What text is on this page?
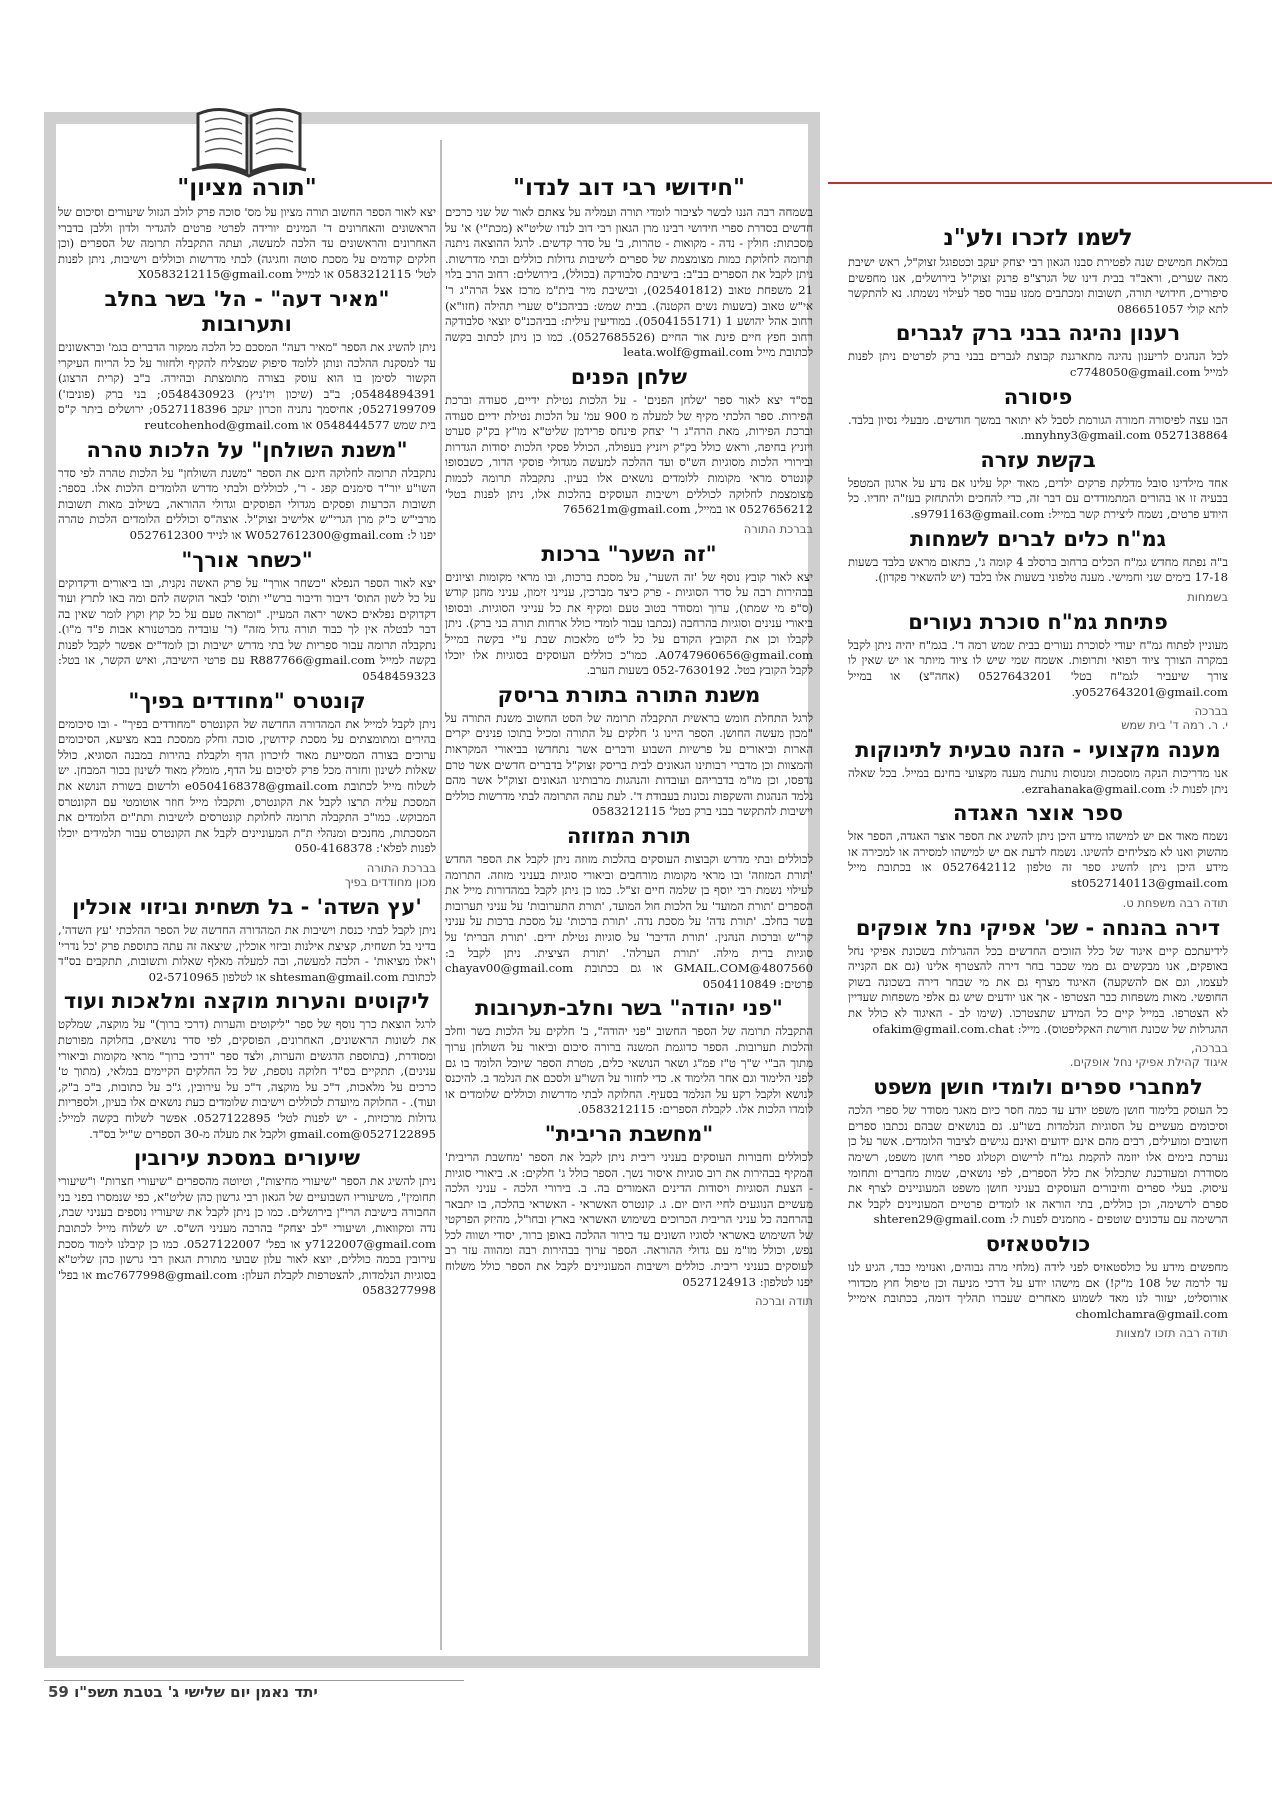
לשמו לזכרו ולע"נ

במלאת חמישים שנה לפטירת סבנו הגאון רבי יצחק יעקב וכטפוגל זצוק"ל, ראש ישיבת מאה שערים, וראב"ד בבית דינו של הגרצ"פ פרנק זצוק"ל בירושלים, אנו מחפשים סיפורים, חידושי תורה, תשובות ומכתבים ממנו עבור ספר לעילוי נשמתו. נא להתקשר לתא קולי 086651057

רענון נהיגה בבני ברק לגברים

לכל הנהגים לריענון נהיגה מתארגנת קבוצת לגברים בבני ברק לפרטים ניתן לפנות למייל c7748050@gmail.com

פיסורה

הבו עצה לפיסורה חמורה הגורמת לסבל לא יתואר במשך חודשים. מבעלי נסיון בלבד. 0527138864 mnyhny3@gmail.com.

בקשת עזרה

אחד מילדינו סובל מדלקת פרקים ילדים, מאוד יקל עלינו אם נדע על ארגון המטפל בבעיה זו או בהורים המתמודדים עם דבר זה, כדי להחכים ולהתחזק בעז"ה יחדיו. כל היודע פרטים, נשמח ליצירת קשר במייל: s9791163@gmail.com.

גמ"ח כלים לברים לשמחות

ב"ה נפתח מחדש גמ"ח הכלים ברחוב ברסלב 4 קומה ג', בתאום מראש בלבד בשעות 17-18 בימים שני וחמישי. מענה טלפוני בשעות אלו בלבד (יש להשאיר פקדון).

בשמחות
פתיחת גמ"ח סוכרת נעורים

מעוניין לפתוח גמ"ח יעודי לסוכרת נעורים בבית שמש רמה ד'. בגמ"ח יהיה ניתן לקבל במקרה הצורך ציוד רפואי ותרופות. אשמח שמי שיש לו ציוד מיותר או יש שאין לו צורך שיעביר לגמ"ח בטל' 0527643201 (אחה"צ) או במייל y0527643201@gmail.com.

בברכה
י. ר. רמה ד' בית שמש
מענה מקצועי - הזנה טבעית לתינוקות

אנו מדריכות הנקה מוסמכות ומנוסות נותנות מענה מקצועי בחינם במייל. בכל שאלה ניתן לפנות ל: ezrahanaka@gmail.com.

ספר אוצר האגדה

נשמח מאוד אם יש למישהו מידע היכן ניתן להשיג את הספר אוצר האגדה, הספר אזל מהשוק ואנו לא מצליחים להשיגו. נשמח לדעת אם יש למישהו למסירה או למכירה או מידע היכן ניתן להשיג ספר זה טלפון 0527642112 או בכתובת מייל st0527140113@gmail.com

תודה רבה משפחת ט.
דירה בהנחה - שכ' אפיקי נחל אופקים

לידיעתכם קיים איגוד של כלל הזוכים החדשים בכל ההגרלות בשכונת אפיקי נחל באופקים, אנו מבקשים גם ממי שכבר בחר דירה להצטרף אלינו (גם אם הקנייה לעצמו, וגם אם להשקעה) האיגוד מצרף גם את מי שבחר דירה בשכונה בשוק החופשי. מאות משפחות כבר הצטרפו - אך אנו יודעים שיש גם אלפי משפחות שעדיין לא הצטרפו. במייל קיים כל המידע שתצטרכו. (שימו לב - האיגוד לא כולל את ההגרלות של שכונת חורשת האקליפטוס). מייל: ofakim@gmail.com.chat

בברכה,
איגוד קהילת אפיקי נחל אופקים.
למחברי ספרים ולומדי חושן משפט

כל העוסק בלימוד חושן משפט יודע עד כמה חסר כיום מאגר מסודר של ספרי הלכה וסיכומים מעשיים על הסוגיות הנלמדות בשו"ע. גם בנושאים שבהם נכתבו ספרים חשובים ומועילים, רבים מהם אינם ידועים ואינם נגישים לציבור הלומדים. אשר על כן נערכת בימים אלו יוזמה להקמת גמ"ח לרישום וקטלוג ספרי חושן משפט, רשימה מסודרת ומעודכנת שתכלול את כלל הספרים, לפי נושאים, שמות מחברים ותחומי עיסוק. בעלי ספרים וחיבורים העוסקים בעניני חושן משפט המעוניינים לצרף את ספרם לרשימה, וכן כוללים, בתי הוראה או לומדים פרטיים המעוניינים לקבל את הרשימה עם עדכונים שוטפים - מוזמנים לפנות ל: shteren29@gmail.com

כולסטאזיס

מחפשים מידע על כולסטאזיס לפני לידה (מלחי מרה גבוהים, ואנזימי כבד, הגיע לנו עד לרמה של 108 מ"ק!) אם מישהו יודע על דרכי מניעה וכן טיפול חוץ מכדורי אורוסליט, יעזור לנו מאד לשמוע מאחרים שעברו תהליך דומה, בכתובת אימייל chomlchamra@gmail.com

תודה רבה תזכו למצוות
"חידושי רבי דוב לנדו"

בשמחה רבה הננו לבשר לציבור לומדי תורה ועמליה על צאתם לאור של שני כרכים חדשים בסדרת ספרי חידושי רבינו מרן הגאון רבי דוב לנדו שליט"א (מכת"י) א' על מסכתות: חולין - נדה - מקואות - טהרות, ב' על סדר קדשים. לרגל ההוצאה ניתנה תרומה לחלוקת כמות מצומצמת של ספרים לישיבות גדולות כוללים ובתי מדרשות. ניתן לקבל את הספרים בב"ב: בישיבת סלבודקה (בכולל), בירושלים: רחוב הרב בלוי 21 משפחת טאוב (025401812), ובישיבת מיר בית"מ מרכז אצל הרה"ג ר' אי"ש טאוב (בשעות נשים הקטנה). בבית שמש: בביהכנ"ס שערי תהילה (חזו"א) רחוב אהל יהושע 1 (0504155171). במודיעין עילית: בביהכנ"ס יוצאי סלבודקה רחוב חפץ חיים פינת אור החיים (0527685526). כמו כן ניתן לכתוב בקשה לכתובת מייל leata.wolf@gmail.com

שלחן הפנים

בס"ד יצא לאור ספר 'שלחן הפנים' - על הלכות נטילת ידיים, סעודה וברכת הפירות. ספר הלכתי מקיף של למעלה מ 900 עמ' על הלכות נטילת ידיים סעודה וברכת הפירות, מאת הרה"ג ר' יצחק פינחס פרידמן שליט"א מו"ץ בק"ק סערט ויזניץ בחיפה, וראש כולל בק"ק ויזניץ בעפולה, הכולל פסקי הלכות יסודות הגדרות ובירורי הלכות מסוגיות הש"ס ועד ההלכה למעשה מגדולי פוסקי הדור, כשבסופו קונטרס מראי מקומות ללומדים נושאים אלו בעיון. נתקבלה תרומה לכמות מצומצמת לחלוקה לכוללים וישיבות העוסקים בהלכות אלו, ניתן לפנות בטל' 0527656212 או במייל, 765621m@gmail.com

בברכת התורה
"זה השער" ברכות

יצא לאור קובץ נוסף של 'זה השער', על מסכת ברכות, ובו מראי מקומות וציונים בבהירות רבה על סדר הסוגיות - פרק כיצד מברכין, ענייני זימון, עניני מחנן קודש (ס"פ מי שמתו), ערוך ומסודר בטוב טעם ומקיף את כל ענייני הסוגיות. ובסופו ביאורי ענינים וסוגיות בהרחבה (נכתבו עבור לומדי כולל ארחות תורה בני ברק). ניתן לקבלו וכן את הקובץ הקודם על כל ל"ט מלאכות שבת ע"י בקשה במייל A0747960656@gmail.com. כמו"כ כוללים העוסקים בסוגיות אלו יוכלו לקבל הקובץ בטל. 052-7630192 בשעות הערב.

משנת התורה בתורת בריסק

לרגל התחלת חומש בראשית התקבלה תרומה של הסט החשוב משנת התורה על "מכון מעשה החושן. הספר היינו ג' חלקים על התורה ומכיל בתוכו פנינים יקרים הארות וביאורים על פרשיות השבוע ודברים אשר נתחדשו בביאורי המקראות והמצוות וכן מדברי רבותינו הגאונים לבית בריסק זצוק"ל בדברים חדשים אשר טרם נדפסו, וכן מו"מ בדבריהם ועובדות והנהגות מרבותינו הגאונים זצוק"ל אשר מהם נלמד הנהגות והשקפות נכונות בעבודת ד'. לעת עתה התרומה לבתי מדרשות כוללים וישיבות להתקשר בבני ברק בטל' 0583212115

תורת המזוזה

לכוללים ובתי מדרש וקבוצות העוסקים בהלכות מזוזה ניתן לקבל את הספר החדש 'תורת המזוזה' ובו מראי מקומות מורחבים וביאורי סוגיות בעניני מזוזה. התרומה לעילוי נשמת רבי יוסף בן שלמה חיים זצ"ל. כמו כן ניתן לקבל במהדורות מייל את הספרים 'תורת המועד' על הלכות חול המועד, 'תורת התערובות' על עניני תערובות בשר בחלב. 'תורת נדה' על מסכת נדה. 'תורת ברכות' על מסכת ברכות על עניני קר"ש וברכות הנהנין. 'תורת הדיבר' על סוגיות נטילת ידים. 'תורת הברית' על סוגיות ברית מילה. 'תורת הערלה'. 'תורת הציצית. ניתן לקבל ב: 4807560@GMAIL.COM או גם בכתובת chayav00@gmail.com פרטים: 0504110849

"פני יהודה" בשר וחלב-תערובות

התקבלה תרומה של הספר החשוב "פני יהודה", ב' חלקים על הלכות בשר וחלב והלכות תערובות. הספר כדוגמת המשנה ברורה סיכום וביאור על השולחן ערוך מתוך הב"י ש"ך ט"ז פמ"ג ושאר הנושאי כלים, מטרת הספר שיוכל הלומד בו גם לפני הלימוד וגם אחר הלימוד א. כדי לחזור על השו"ע ולסכם את הנלמד ב. להיכנס לנושא ולקבל רקע על הנלמד בסעיף. החלוקה לבתי מדרשות וכוללים שלומדים או לומדו הלכות אלו. לקבלת הספרים: 0583212115.

"מחשבת הריבית"

לכוללים וחבורות העוסקים בעניני ריבית ניתן לקבל את הספר 'מחשבת הריבית' המקיף בבהירות את רוב סוגיות איסור נשך. הספר כולל ג' חלקים: א. ביאורי סוגיות - הצעת הסוגיות ויסודות הדינים האמורים בה. ב. בירורי הלכה - עניני הלכה מעשיים הנוגעים לחיי היום יום. ג. קונטרס האשראי - האשראי בהלכה, בו יתבאר בהרחבה כל עניני הריבית הכרוכים בשימוש האשראי בארץ ובחו"ל, מהיזק הפרקטי של השימוש באשראי לסוגיו השונים עד בירור ההלכה באופן ברור, יסודי ושווה לכל נפש, וכולל מו"מ עם גדולי ההוראה. הספר ערוך בבהירות רבה ומהווה עזר רב לעוסקים בעניני ריבית. כוללים וישיבות המעוניינים לקבל את הספר כולל משלוח יפנו לטלפון: 0527124913

תודה וברכה
"תורה מציון"

יצא לאור הספר החשוב תורה מציון על מס' סוכה פרק לולב הגזול שיעורים וסיכום של הראשונים והאחרונים ד' המינים יורידה לפרטי פרטים להגדיר ולדון וללבן בדברי האחרונים והראשונים עד הלכה למעשה, ועתה התקבלה תרומה של הספרים (וכן חלקים קודמים על מסכת סוטה וחגיגה) לבתי מדרשות וכוללים וישיבות, ניתן לפנות לטל' 0583212115 או למייל X0583212115@gmail.com

"מאיר דעה" - הל' בשר בחלב ותערובות

ניתן להשיג את הספר "מאיר דעה" המסכם כל הלכה ממקור הדברים בגמ' ובראשונים עד למסקנת ההלכה ונותן ללומד סיפוק שמצליח להקיף ולחזור על כל הריוח העיקרי הקשור לסימן בו הוא עוסק בצורה מתומצתת ובהירה. ב"ב (קרית הרצוג) 05484894391; ב"ב (שיכון ויז'ניץ) 0548430923; בני ברק (פוניבז') 0527199709; אחיסמך נתניה וזכרון יעקב 0527118396; ירושלים ביתר ק"ס בית שמש 0548444577 או reutcohenhod@gmail.com

"משנת השולחן" על הלכות טהרה

נתקבלה תרומה לחלוקה חינם את הספר "משנת השולחן" על הלכות טהרה לפי סדר השו"ע יור"ד סימנים קפג - ר', לכוללים ולבתי מדרש הלומדים הלכות אלו. בספר: תשובות הכרעות ופסקים מגדולי הפוסקים וגדולי ההוראה, בשילוב מאות תשובות מרבי"ש כ"ק מרן הגרי"ש אלישיב זצוק"ל. אוצה"ס וכוללים הלומדים הלכות טהרה יפנו ל: W0527612300@gmail.com או לנייד 0527612300

"כשחר אורך"

יצא לאור הספר הנפלא "כשחר אורך" על פרק האשה נקנית, ובו ביאורים ודקדוקים על כל לשון התוס' דיבור ודיבור ברש"י ותוס' לבאר הוקשה להם ומה באו לתרץ ועוד דקדוקים נפלאים כאשר יראה המעיין. "ומראה טעם על כל קוץ וקוץ לומר שאין בה דבר לבטלה אין לך כבוד תורה גדול מזה" (ר' עובדיה מברטנורא אבות פ"ד מ"ו). נתקבלה תרומה עבור ספריות של בתי מדרש ישיבות וכן לומד"ים אפשר לקבל לפנות בקשה למייל R887766@gmail.com עם פרטי הישיבה, ואיש הקשר, או בטל: 0548459323

קונטרס "מחודדים בפיך"

ניתן לקבל למייל את המהדורה החדשה של הקונטרס "מחודדים בפיך" - ובו סיכומים בהירים ומתומצתים על מסכת קידושין, סוכה וחלק ממסכת בבא מציעא, הסיכומים ערוכים בצורה המסייעת מאוד לזיכרון הדף ולקבלת בהירות במבנה הסוגיא, כולל שאלות לשינון וחזרה מכל פרק לסיכום על הדף, מומלץ מאוד לשינון בכור המבחן. יש לשלוח מייל לכתובת e0504168378@gmail.com ולרשום בשורת הנושא את המסכת עליה תרצו לקבל את הקונטרס, ותקבלו מייל חוזר אוטומטי עם הקונטרס המבוקש. כמו"כ התקבלה תרומה לחלוקת קונטרסים לישיבות ותת"ים הלומדים את המסכתות, מחנכים ומנהלי ת"ת המעוניינים לקבל את הקונטרס עבור תלמידים יוכלו לפנות לפלא': 050-4168378

בברכת התורה
מכון מחודדים בפיך
'עץ השדה' - בל תשחית וביזוי אוכלין

ניתן לקבל לבתי כנסת וישיבות את המהדורה החדשה של הספר ההלכתי 'עץ השדה', בדיני בל תשחית, קציצת אילנות וביזוי אוכלין, שיצאה זה עתה בתוספת פרק 'כל נדרי' ו'אלו מציאות' - הלכה למעשה, ובה למעלה מאלף שאלות ותשובות, תתקבים בס"ד לכתובת shtesman@gmail.com או לטלפון 02-5710965

ליקוטים והערות מוקצה ומלאכות ועוד

לרגל הוצאת כרך נוסף של ספר "ליקוטים והערות (דרכי ברוך)" על מוקצה, שמלקט את לשונות הראשונים, האחרונים, הפוסקים, לפי סדר נושאים, בחלוקה מפורטת ומסודרת, (בתוספת הדגשים והערות, ולצד ספר "דרכי ברוך" מראי מקומות וביאורי ענינים), תתקיים בס"ד חלוקה נוספת, של כל החלקים הקיימים במלאי, (מתוך ט' כרכים על מלאכות, ד"כ על מוקצה, ד"כ על עירובין, ג"כ על כתובות, ב"כ ב"ק, ועוד). - החלוקה מיועדת לכוללים וישיבות שלומדים כעת נושאים אלו בעיון, ולספריות גדולות מרכזיות, - יש לפנות לטל' 0527122895. אפשר לשלוח בקשה למייל: 0527122895@gmail.com ולקבל את מעלה מ-30 הספרים ש"יל בס"ד.

שיעורים במסכת עירובין

ניתן להשיג את הספר "שיעורי מחיצות", וטיוטה מהספרים "שיעורי חצרות" ו"שיעורי תחומין", משיעוריו השבועיים של הגאון רבי גרשון כהן שליט"א, כפי שנמסרו בפני בני החבורה בישיבת הרי"ן בירושלים. כמו כן ניתן לקבל את שיעוריו נוספים בעניני שבת, נדה ומקוואות, ושיעורי "לב יצחק" בהרבה מעניני הש"ס. יש לשלוח מייל לכתובת y7122007@gmail.com או בפל' 0527122007. כמו כן קיבלנו לימוד מסכת עירובין בכמה כוללים, יוצא לאור עלון שבועי מתורת הגאון רבי גרשון כהן שליט"א בסוגיות הנלמדות, להצטרפות לקבלת העלון: mc7677998@gmail.com או בפל' 0583277998

יתד נאמן יום שלישי ג' בטבת תשפ"ו 59
